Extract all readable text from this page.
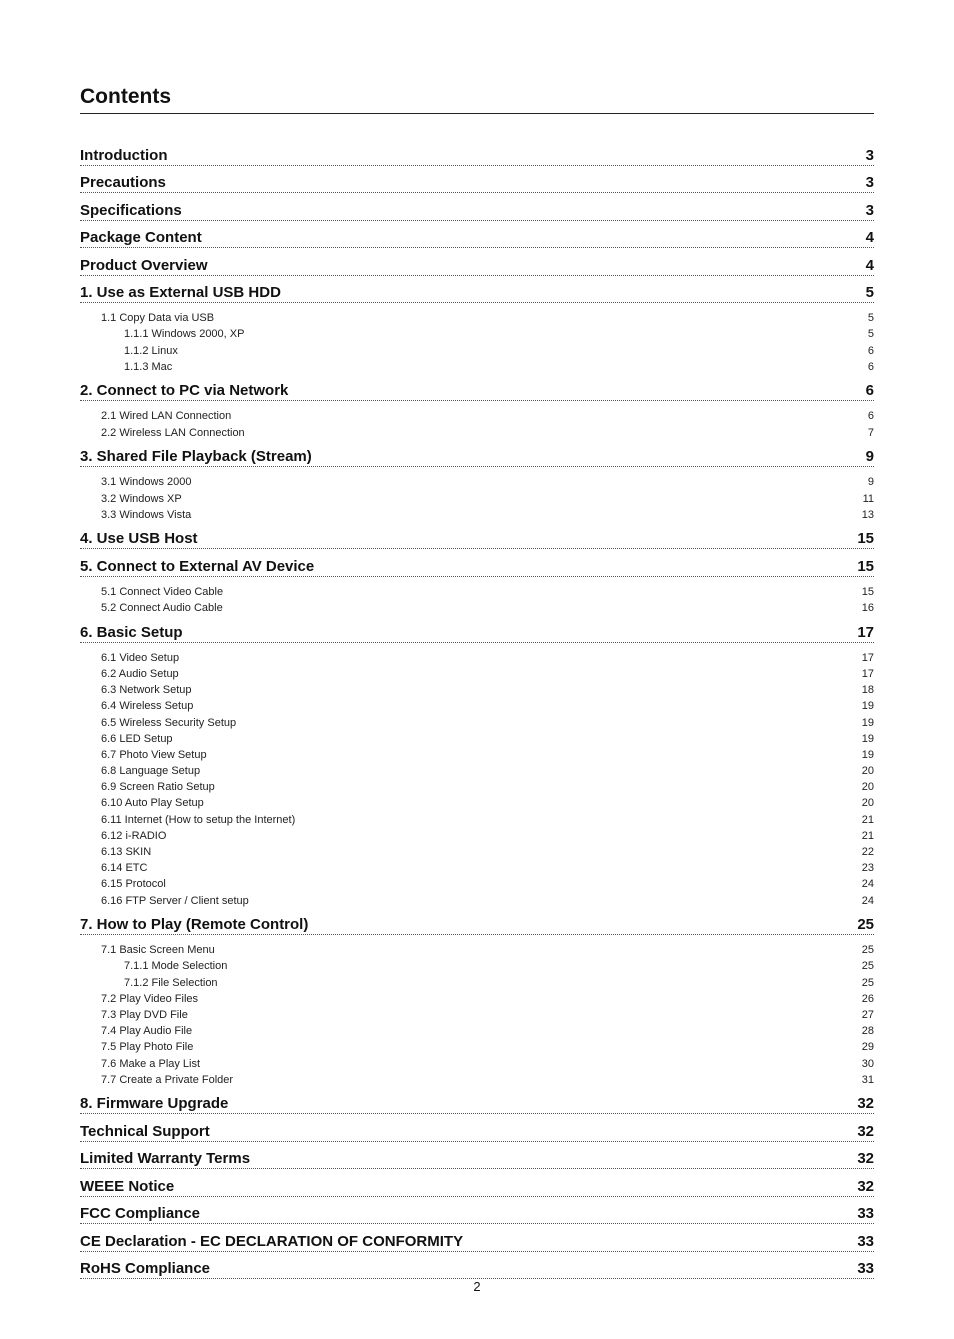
Contents
Introduction	3
Precautions	3
Specifications	3
Package Content	4
Product Overview	4
1. Use as External USB HDD	5
1.1 Copy Data via USB	5
1.1.1 Windows 2000, XP	5
1.1.2 Linux	6
1.1.3 Mac	6
2. Connect to PC via Network	6
2.1 Wired LAN Connection	6
2.2 Wireless LAN Connection	7
3. Shared File Playback (Stream)	9
3.1 Windows 2000	9
3.2 Windows XP	11
3.3 Windows Vista	13
4. Use USB Host	15
5. Connect to External AV Device	15
5.1 Connect Video Cable	15
5.2 Connect Audio Cable	16
6. Basic Setup	17
6.1 Video Setup	17
6.2 Audio Setup	17
6.3 Network Setup	18
6.4 Wireless Setup	19
6.5 Wireless Security Setup	19
6.6 LED Setup	19
6.7 Photo View Setup	19
6.8 Language Setup	20
6.9 Screen Ratio Setup	20
6.10 Auto Play Setup	20
6.11 Internet (How to setup the Internet)	21
6.12 i-RADIO	21
6.13 SKIN	22
6.14 ETC	23
6.15 Protocol	24
6.16 FTP Server / Client setup	24
7. How to Play (Remote Control)	25
7.1 Basic Screen Menu	25
7.1.1 Mode Selection	25
7.1.2 File Selection	25
7.2 Play Video Files	26
7.3 Play DVD File	27
7.4 Play Audio File	28
7.5 Play Photo File	29
7.6 Make a Play List	30
7.7 Create a Private Folder	31
8. Firmware Upgrade	32
Technical Support	32
Limited Warranty Terms	32
WEEE Notice	32
FCC Compliance	33
CE Declaration - EC DECLARATION OF CONFORMITY	33
RoHS Compliance	33
2
